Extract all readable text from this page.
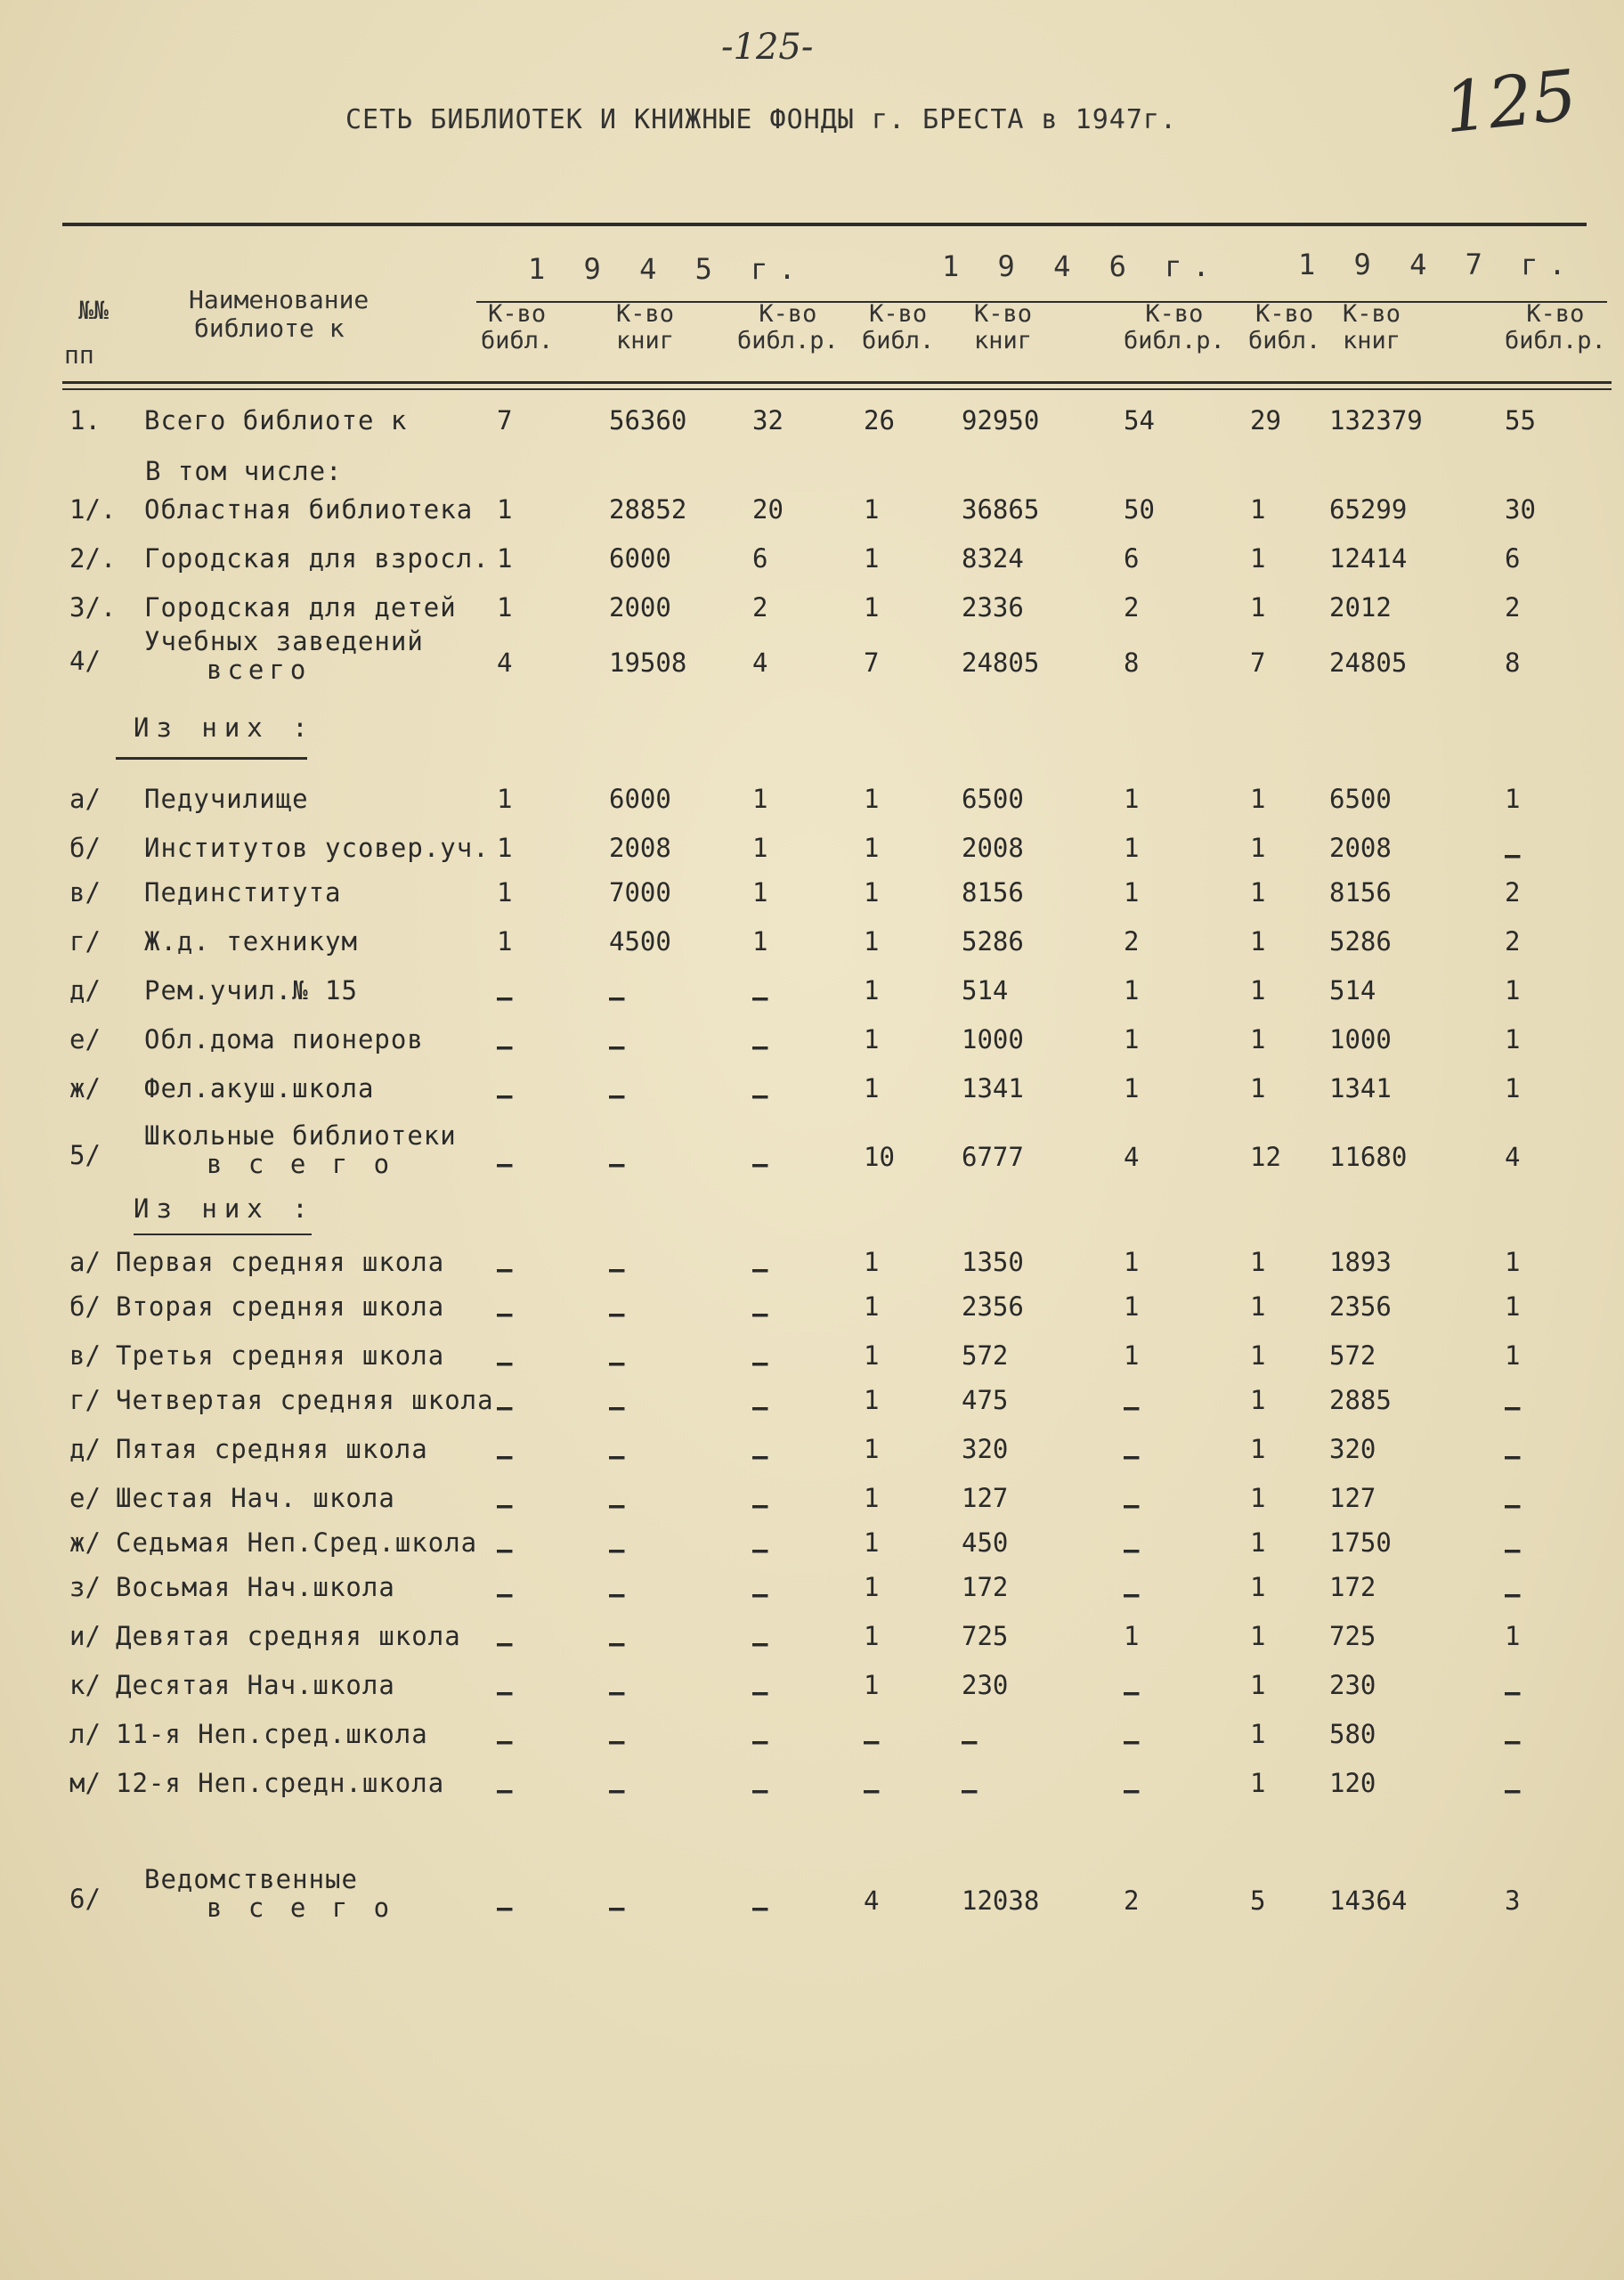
-125-
125
СЕТЬ БИБЛИОТЕК И КНИЖНЫЕ ФОНДЫ г. БРЕСТА в 1947г.
№№
пп
Наименование
библиоте к
1 9 4 5 г.	1 9 4 6 г.	1 9 4 7 г.
К-во
библ.
К-во
книг
К-во
библ.р.
К-во
библ.
К-во
книг
К-во
библ.р.
К-во
библ.
К-во
книг
К-во
библ.р.
1. Всего библиоте к	7	56360	32	26	92950	54	29 132379	55
1/. Областная библиотека 1	28852	20	1	36865	50	1 65299	30
2/. Городская для взросл. 1	6000	6	1	8324	6	1 12414	6
3/. Городская для детей 1	2000	2	1	2336	2	1 2012	2
4/
Учебных заведений
всего	4	19508	4	7	24805	8	7 24805	8
а/ Педучилище	1	6000	1	1	6500	1	1 6500	1
б/ Институтов усовер.уч. 1	2008	1	1	2008	1	1 2008	–
в/ Пединститута	1	7000	1	1	8156	1	1 8156	2
г/ Ж.д. техникум	1	4500	1	1	5286	2	1 5286	2
д/ Рем.учил.№ 15	–	–	–	1	514	1	1 514	1
е/ Обл.дома пионеров	–	–	–	1	1000	1	1 1000	1
ж/ Фел.акуш.школа	–	–	–	1	1341	1	1 1341	1
5/
Школьные библиотеки
в с е г о	–	–	–	10	6777	4	12 11680	4
а/ Первая средняя школа –	–	–	1	1350	1	1 1893	1
б/ Вторая средняя школа –	–	–	1	2356	1	1 2356	1
в/ Третья средняя школа –	–	–	1	572	1	1 572	1
г/ Четвертая средняя школа –	–	–	1	475	–	1 2885	–
д/ Пятая средняя школа	–	–	–	1	320	–	1 320	–
е/ Шестая Нач. школа	–	–	–	1	127	–	1 127	–
ж/ Седьмая Неп.Сред.школа –	–	–	1	450	–	1 1750	–
з/ Восьмая Нач.школа	–	–	–	1	172	–	1 172	–
и/ Девятая средняя школа –	–	–	1	725	1	1 725	1
к/ Десятая Нач.школа	–	–	–	1	230	–	1 230	–
л/ 11-я Неп.сред.школа	–	–	–	–	–	–	1 580	–
м/ 12-я Неп.средн.школа –	–	–	–	–	–	1 120	–
6/
Ведомственные
в с е г о	–	–	–	4	12038	2	5 14364	3
В том числе:
Из них :
Из них :
